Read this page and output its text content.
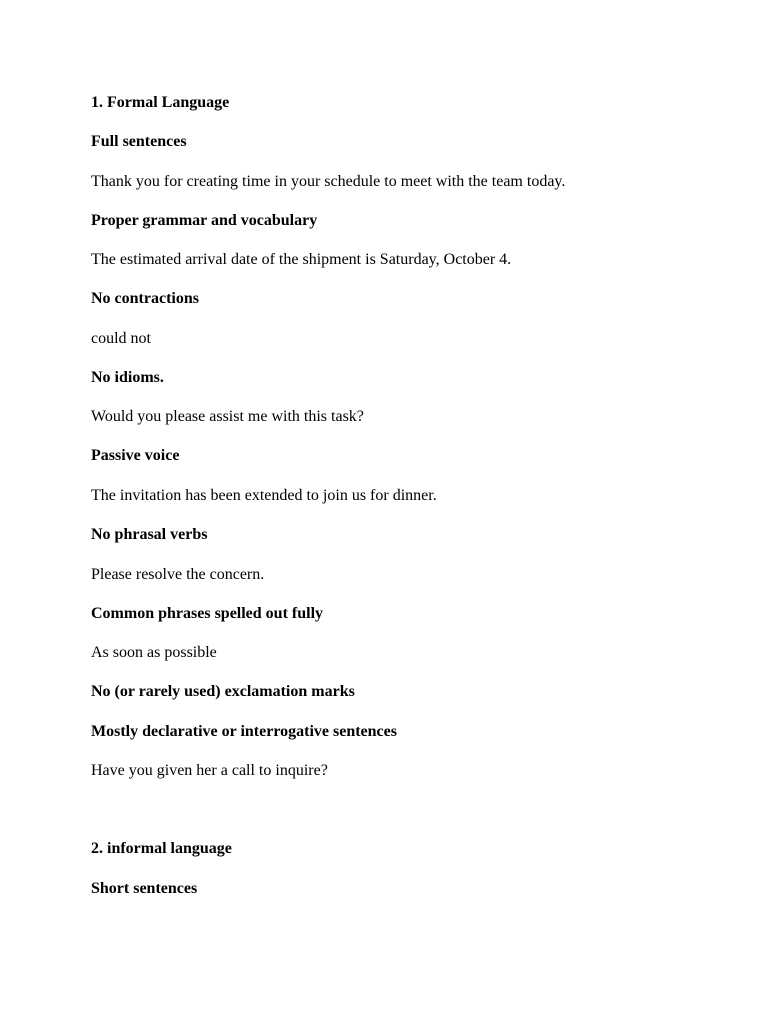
1. Formal Language

Full sentences

Thank you for creating time in your schedule to meet with the team today.

Proper grammar and vocabulary

The estimated arrival date of the shipment is Saturday, October 4.

No contractions

could not

No idioms.

Would you please assist me with this task?

Passive voice

The invitation has been extended to join us for dinner.

No phrasal verbs

Please resolve the concern.

Common phrases spelled out fully

As soon as possible

No (or rarely used) exclamation marks

Mostly declarative or interrogative sentences

Have you given her a call to inquire?

2. informal language

Short sentences
